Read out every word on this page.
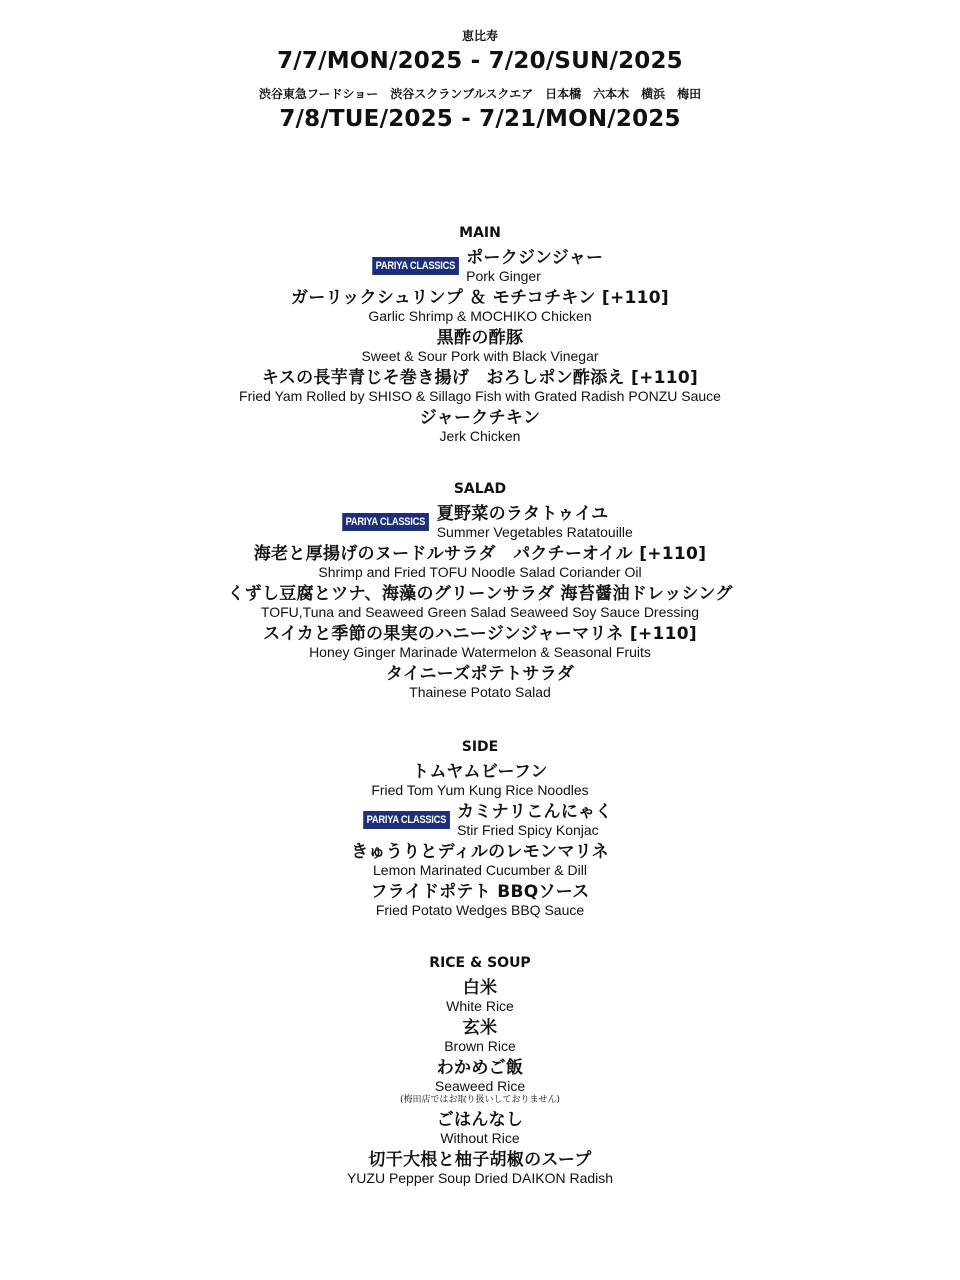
恵比寿
7/7/MON/2025 - 7/20/SUN/2025
渋谷東急フードショー　渋谷スクランブルスクエア　日本橋　六本木　横浜　梅田
7/8/TUE/2025 - 7/21/MON/2025
MAIN
PARIYA CLASSICS ポークジンジャー
Pork Ginger
ガーリックシュリンプ ＆ モチコチキン [+110]
Garlic Shrimp & MOCHIKO Chicken
黒酢の酢豚
Sweet & Sour Pork with Black Vinegar
キスの長芋青じそ巻き揚げ　おろしポン酢添え [+110]
Fried Yam Rolled by SHISO & Sillago Fish with Grated Radish PONZU Sauce
ジャークチキン
Jerk Chicken
SALAD
PARIYA CLASSICS 夏野菜のラタトゥイユ
Summer Vegetables Ratatouille
海老と厚揚げのヌードルサラダ　パクチーオイル [+110]
Shrimp and Fried TOFU Noodle Salad Coriander Oil
くずし豆腐とツナ、海藻のグリーンサラダ 海苔醤油ドレッシング
TOFU,Tuna and Seaweed Green Salad Seaweed Soy Sauce Dressing
スイカと季節の果実のハニージンジャーマリネ [+110]
Honey Ginger Marinade Watermelon & Seasonal Fruits
タイニーズポテトサラダ
Thainese Potato Salad
SIDE
トムヤムビーフン
Fried Tom Yum Kung Rice Noodles
PARIYA CLASSICS カミナリこんにゃく
Stir Fried Spicy Konjac
きゅうりとディルのレモンマリネ
Lemon Marinated Cucumber & Dill
フライドポテト BBQソース
Fried Potato Wedges BBQ Sauce
RICE & SOUP
白米
White Rice
玄米
Brown Rice
わかめご飯
Seaweed Rice
(梅田店ではお取り扱いしておりません)
ごはんなし
Without Rice
切干大根と柚子胡椒のスープ
YUZU Pepper Soup Dried DAIKON Radish
